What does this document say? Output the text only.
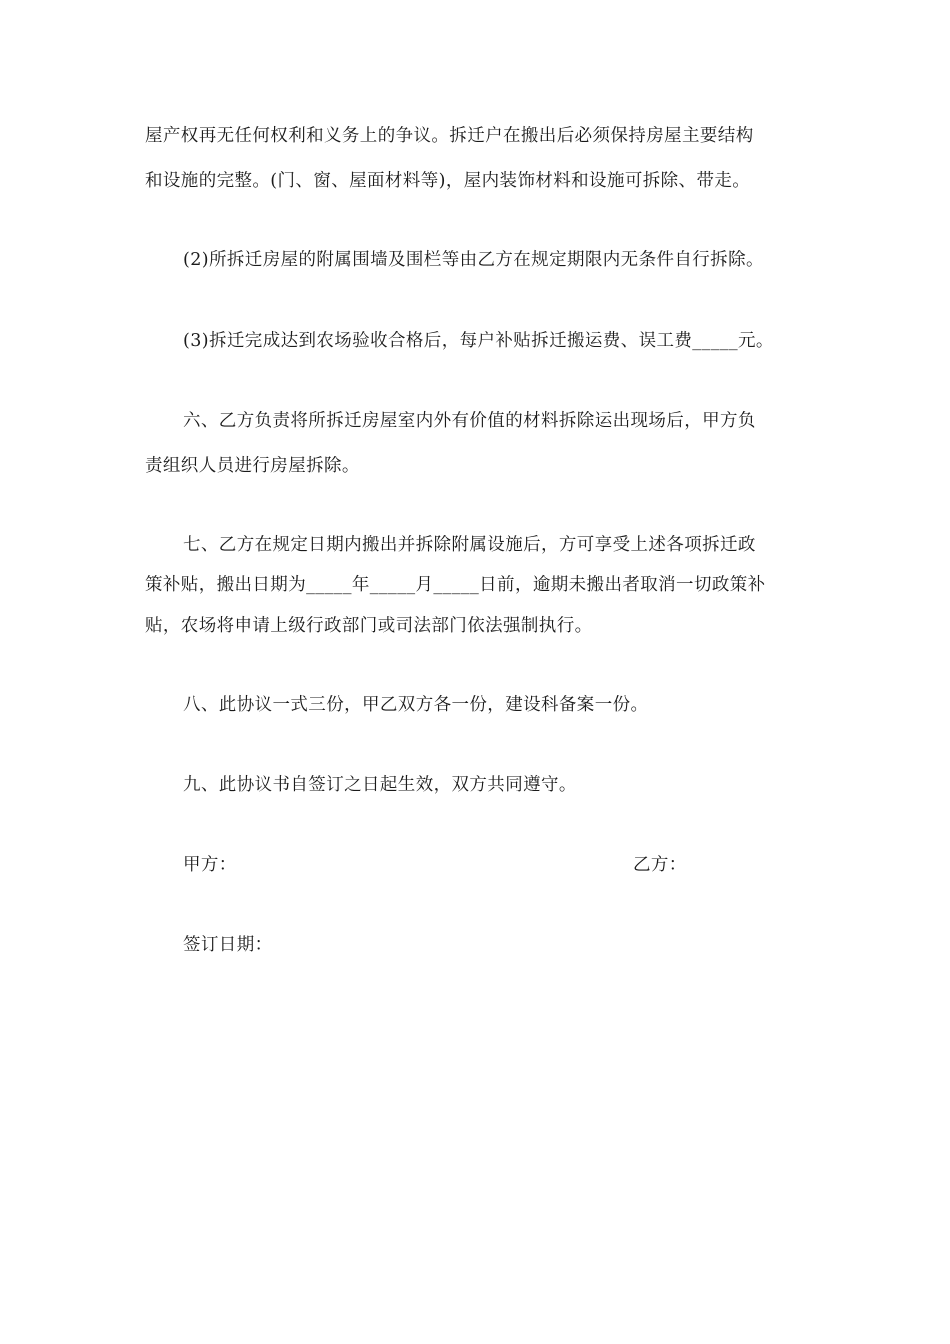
屋产权再无任何权利和义务上的争议。拆迁户在搬出后必须保持房屋主要结构
和设施的完整。(门、窗、屋面材料等)，屋内装饰材料和设施可拆除、带走。
(2)所拆迁房屋的附属围墙及围栏等由乙方在规定期限内无条件自行拆除。
(3)拆迁完成达到农场验收合格后，每户补贴拆迁搬运费、误工费_____元。
六、乙方负责将所拆迁房屋室内外有价值的材料拆除运出现场后，甲方负
责组织人员进行房屋拆除。
七、乙方在规定日期内搬出并拆除附属设施后，方可享受上述各项拆迁政
策补贴，搬出日期为_____年_____月_____日前，逾期未搬出者取消一切政策补
贴，农场将申请上级行政部门或司法部门依法强制执行。
八、此协议一式三份，甲乙双方各一份，建设科备案一份。
九、此协议书自签订之日起生效，双方共同遵守。
甲方：	乙方：
签订日期：
